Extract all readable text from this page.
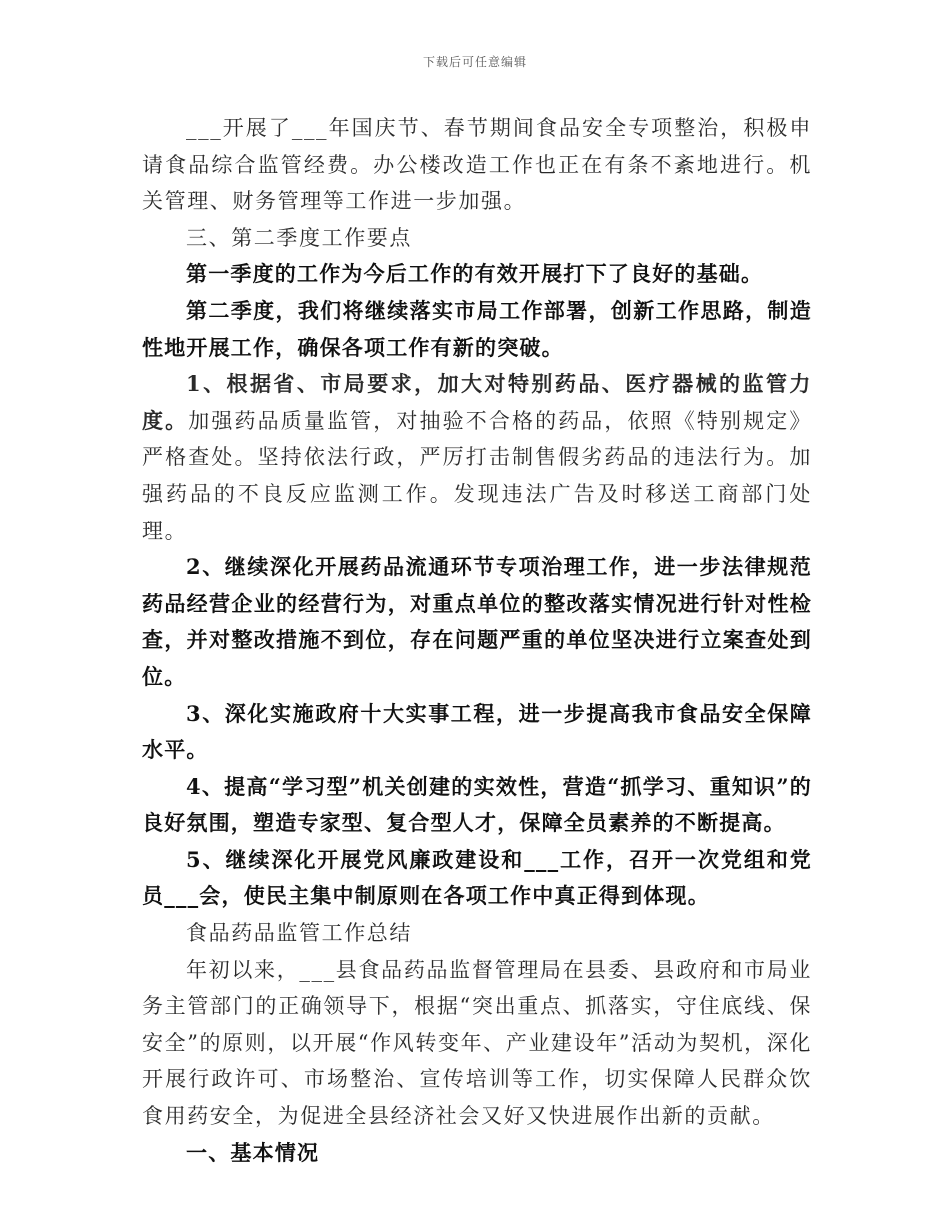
下载后可任意编辑

___开展了___年国庆节、春节期间食品安全专项整治，积极申请食品综合监管经费。办公楼改造工作也正在有条不紊地进行。机关管理、财务管理等工作进一步加强。

三、第二季度工作要点

第一季度的工作为今后工作的有效开展打下了良好的基础。

第二季度，我们将继续落实市局工作部署，创新工作思路，制造性地开展工作，确保各项工作有新的突破。

1、根据省、市局要求，加大对特别药品、医疗器械的监管力度。加强药品质量监管，对抽验不合格的药品，依照《特别规定》严格查处。坚持依法行政，严厉打击制售假劣药品的违法行为。加强药品的不良反应监测工作。发现违法广告及时移送工商部门处理。

2、继续深化开展药品流通环节专项治理工作，进一步法律规范药品经营企业的经营行为，对重点单位的整改落实情况进行针对性检查，并对整改措施不到位，存在问题严重的单位坚决进行立案查处到位。

3、深化实施政府十大实事工程，进一步提高我市食品安全保障水平。

4、提高“学习型”机关创建的实效性，营造“抓学习、重知识”的良好氛围，塑造专家型、复合型人才，保障全员素养的不断提高。

5、继续深化开展党风廉政建设和___工作，召开一次党组和党员___会，使民主集中制原则在各项工作中真正得到体现。

食品药品监管工作总结

年初以来，___县食品药品监督管理局在县委、县政府和市局业务主管部门的正确领导下，根据“突出重点、抓落实，守住底线、保安全”的原则，以开展“作风转变年、产业建设年”活动为契机，深化开展行政许可、市场整治、宣传培训等工作，切实保障人民群众饮食用药安全，为促进全县经济社会又好又快进展作出新的贡献。

一、基本情况
